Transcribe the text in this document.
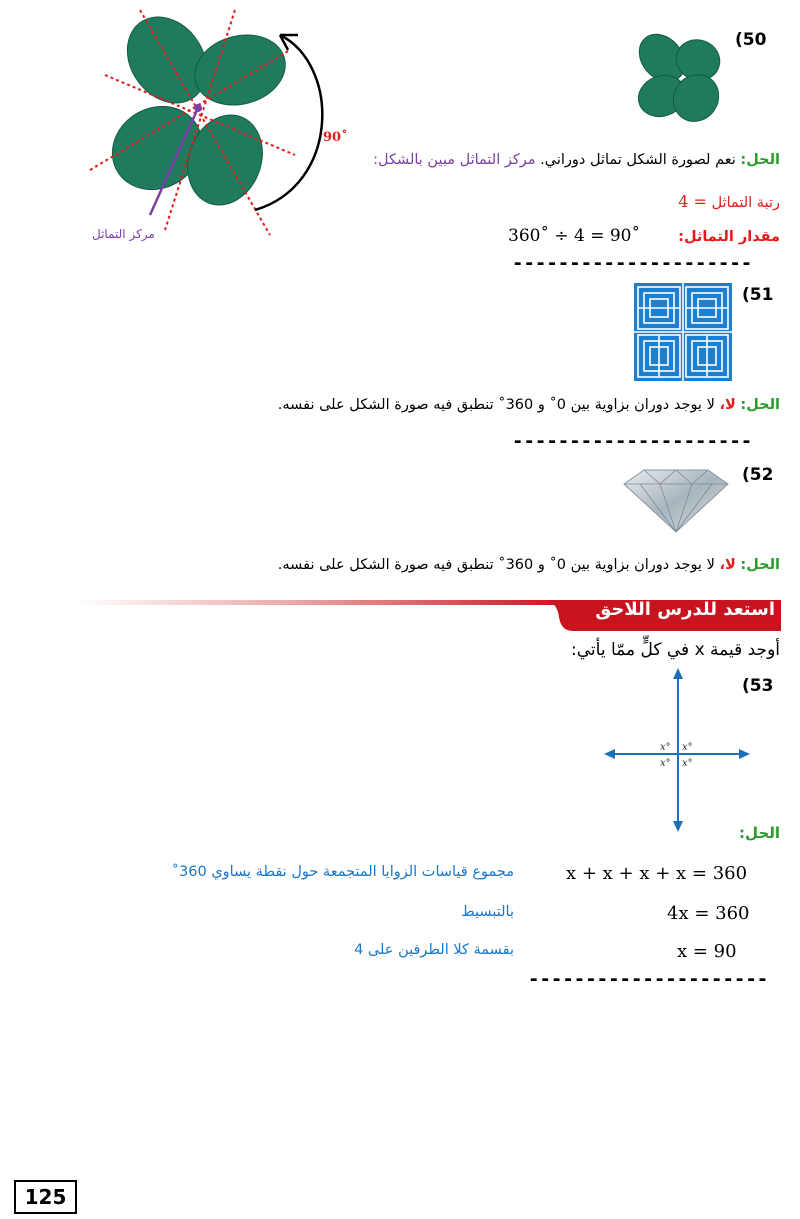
(50
90˚
مركز التماثل
الحل: نعم لصورة الشكل تماثل دوراني. مركز التماثل مبين بالشكل:
رتبة التماثل = 4
مقدار التماثل:
360˚ ÷ 4 = 90˚
---------------------
(51
الحل: لا، لا يوجد دوران بزاوية بين 0˚ و 360˚ تنطبق فيه صورة الشكل على نفسه.
---------------------
(52
الحل: لا، لا يوجد دوران بزاوية بين 0˚ و 360˚ تنطبق فيه صورة الشكل على نفسه.
استعد للدرس اللاحق
أوجد قيمة x في كلٍّ ممّا يأتي:
(53
x° x°
x° x°
الحل:
x + x + x + x = 360
مجموع قياسات الزوايا المتجمعة حول نقطة يساوي 360˚
4x = 360
بالتبسيط
x = 90
بقسمة كلا الطرفين على 4
---------------------
125
